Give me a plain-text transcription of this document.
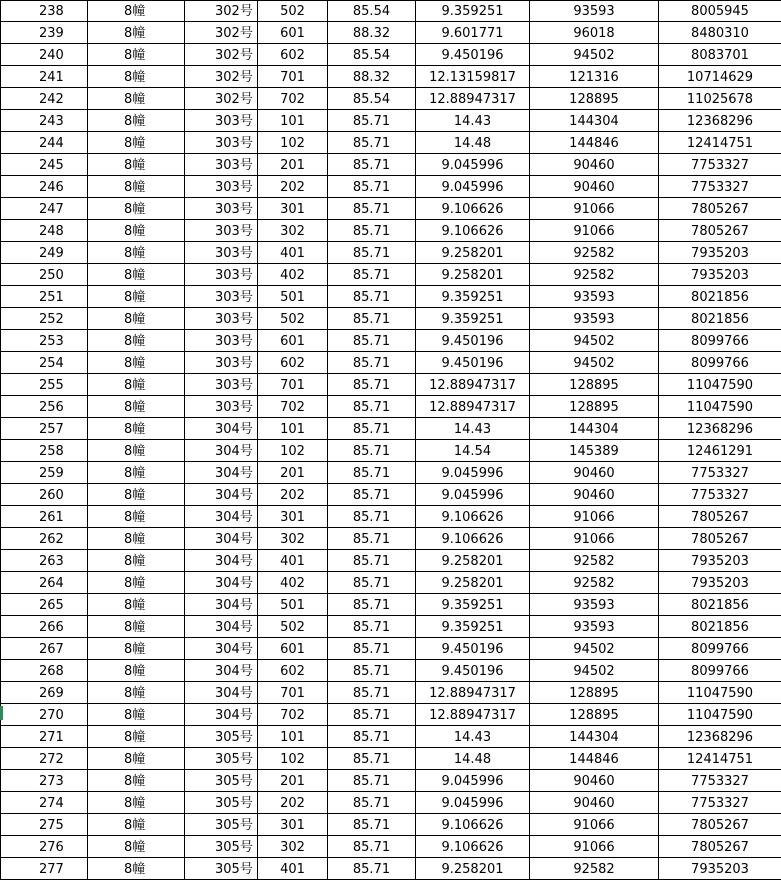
238	8幢	302号	502	85.54	9.359251	93593	8005945
239	8幢	302号	601	88.32	9.601771	96018	8480310
240	8幢	302号	602	85.54	9.450196	94502	8083701
241	8幢	302号	701	88.32	12.13159817	121316	10714629
242	8幢	302号	702	85.54	12.88947317	128895	11025678
243	8幢	303号	101	85.71	14.43	144304	12368296
244	8幢	303号	102	85.71	14.48	144846	12414751
245	8幢	303号	201	85.71	9.045996	90460	7753327
246	8幢	303号	202	85.71	9.045996	90460	7753327
247	8幢	303号	301	85.71	9.106626	91066	7805267
248	8幢	303号	302	85.71	9.106626	91066	7805267
249	8幢	303号	401	85.71	9.258201	92582	7935203
250	8幢	303号	402	85.71	9.258201	92582	7935203
251	8幢	303号	501	85.71	9.359251	93593	8021856
252	8幢	303号	502	85.71	9.359251	93593	8021856
253	8幢	303号	601	85.71	9.450196	94502	8099766
254	8幢	303号	602	85.71	9.450196	94502	8099766
255	8幢	303号	701	85.71	12.88947317	128895	11047590
256	8幢	303号	702	85.71	12.88947317	128895	11047590
257	8幢	304号	101	85.71	14.43	144304	12368296
258	8幢	304号	102	85.71	14.54	145389	12461291
259	8幢	304号	201	85.71	9.045996	90460	7753327
260	8幢	304号	202	85.71	9.045996	90460	7753327
261	8幢	304号	301	85.71	9.106626	91066	7805267
262	8幢	304号	302	85.71	9.106626	91066	7805267
263	8幢	304号	401	85.71	9.258201	92582	7935203
264	8幢	304号	402	85.71	9.258201	92582	7935203
265	8幢	304号	501	85.71	9.359251	93593	8021856
266	8幢	304号	502	85.71	9.359251	93593	8021856
267	8幢	304号	601	85.71	9.450196	94502	8099766
268	8幢	304号	602	85.71	9.450196	94502	8099766
269	8幢	304号	701	85.71	12.88947317	128895	11047590
270	8幢	304号	702	85.71	12.88947317	128895	11047590
271	8幢	305号	101	85.71	14.43	144304	12368296
272	8幢	305号	102	85.71	14.48	144846	12414751
273	8幢	305号	201	85.71	9.045996	90460	7753327
274	8幢	305号	202	85.71	9.045996	90460	7753327
275	8幢	305号	301	85.71	9.106626	91066	7805267
276	8幢	305号	302	85.71	9.106626	91066	7805267
277	8幢	305号	401	85.71	9.258201	92582	7935203
